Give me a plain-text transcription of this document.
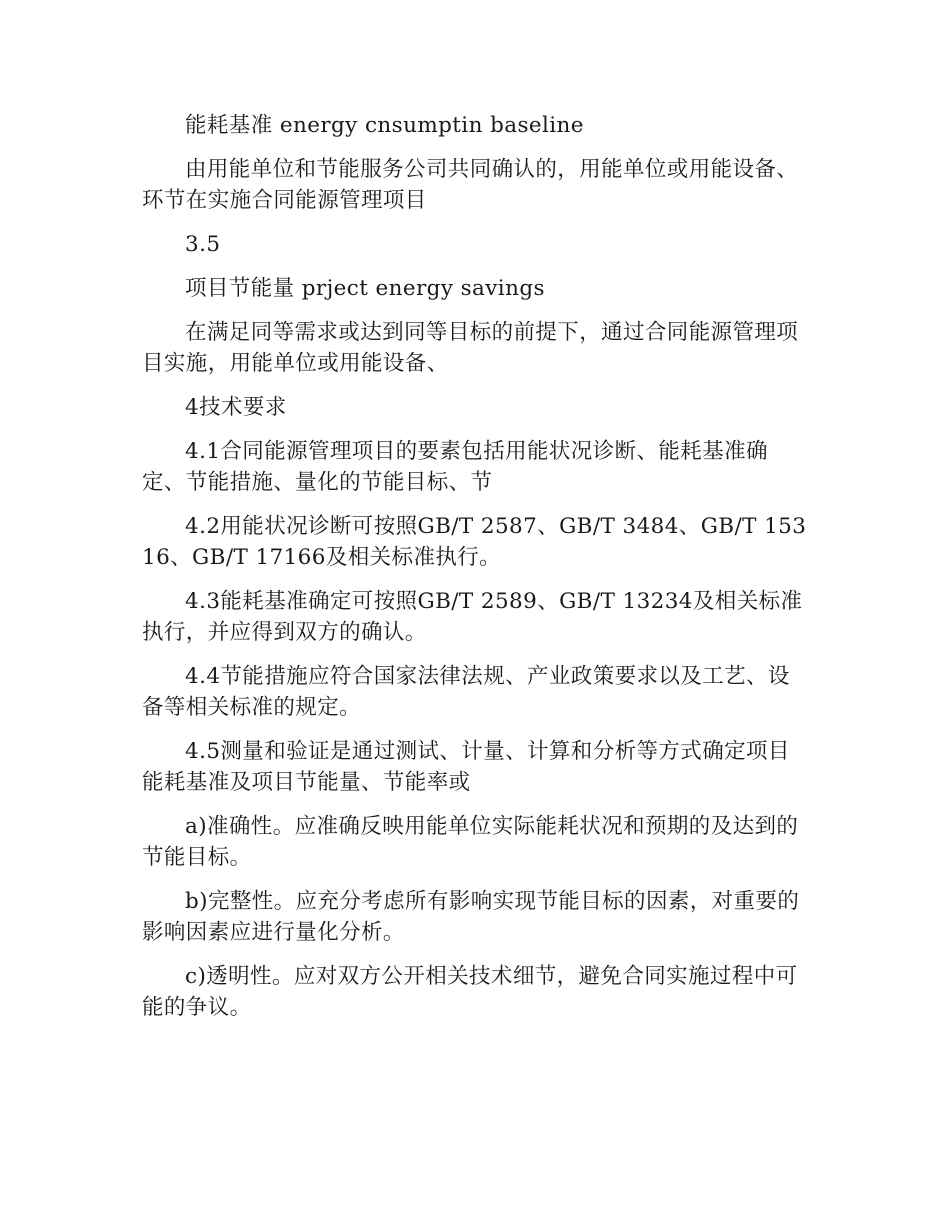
能耗基准 energy cnsumptin baseline

由用能单位和节能服务公司共同确认的，用能单位或用能设备、环节在实施合同能源管理项目

3.5

项目节能量 prject energy savings

在满足同等需求或达到同等目标的前提下，通过合同能源管理项目实施，用能单位或用能设备、

4技术要求

4.1合同能源管理项目的要素包括用能状况诊断、能耗基准确定、节能措施、量化的节能目标、节

4.2用能状况诊断可按照GB/T 2587、GB/T 3484、GB/T 15316、GB/T 17166及相关标准执行。

4.3能耗基准确定可按照GB/T 2589、GB/T 13234及相关标准执行，并应得到双方的确认。

4.4节能措施应符合国家法律法规、产业政策要求以及工艺、设备等相关标准的规定。

4.5测量和验证是通过测试、计量、计算和分析等方式确定项目能耗基准及项目节能量、节能率或

a)准确性。应准确反映用能单位实际能耗状况和预期的及达到的节能目标。

b)完整性。应充分考虑所有影响实现节能目标的因素，对重要的影响因素应进行量化分析。

c)透明性。应对双方公开相关技术细节，避免合同实施过程中可能的争议。
